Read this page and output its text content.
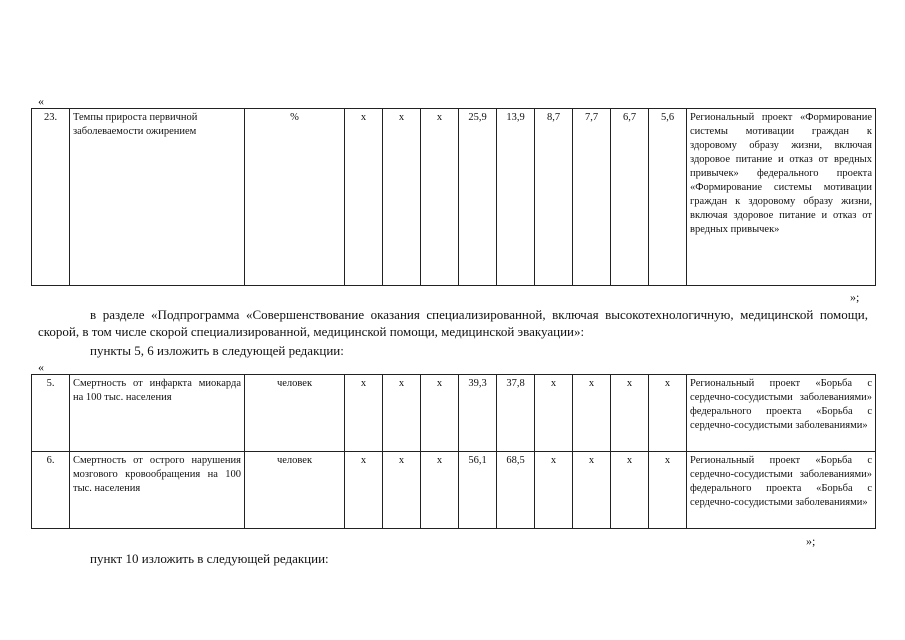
«
23.	Темпы прироста первичной заболеваемости ожирением	%	х	х	х	25,9	13,9	8,7	7,7	6,7	5,6	Региональный проект «Формирование системы мотивации граждан к здоровому образу жизни, включая здоровое питание и отказ от вредных привычек» федерального проекта «Формирование системы мотивации граждан к здоровому образу жизни, включая здоровое питание и отказ от вредных привычек»
»;
в разделе «Подпрограмма «Совершенствование оказания специализированной, включая высокотехнологичную, медицинской помощи, скорой, в том числе скорой специализированной, медицинской помощи, медицинской эвакуации»:
пункты 5, 6 изложить в следующей редакции:
«
5.	Смертность от инфаркта миокарда на 100 тыс. населения	человек	х	х	х	39,3	37,8	х	х	х	х	Региональный проект «Борьба с сердечно-сосудистыми заболеваниями» федерального проекта «Борьба с сердечно-сосудистыми заболеваниями»
6.	Смертность от острого нарушения мозгового кровообращения на 100 тыс. населения	человек	х	х	х	56,1	68,5	х	х	х	х	Региональный проект «Борьба с сердечно-сосудистыми заболеваниями» федерального проекта «Борьба с сердечно-сосудистыми заболеваниями»
»;
пункт 10 изложить в следующей редакции:
